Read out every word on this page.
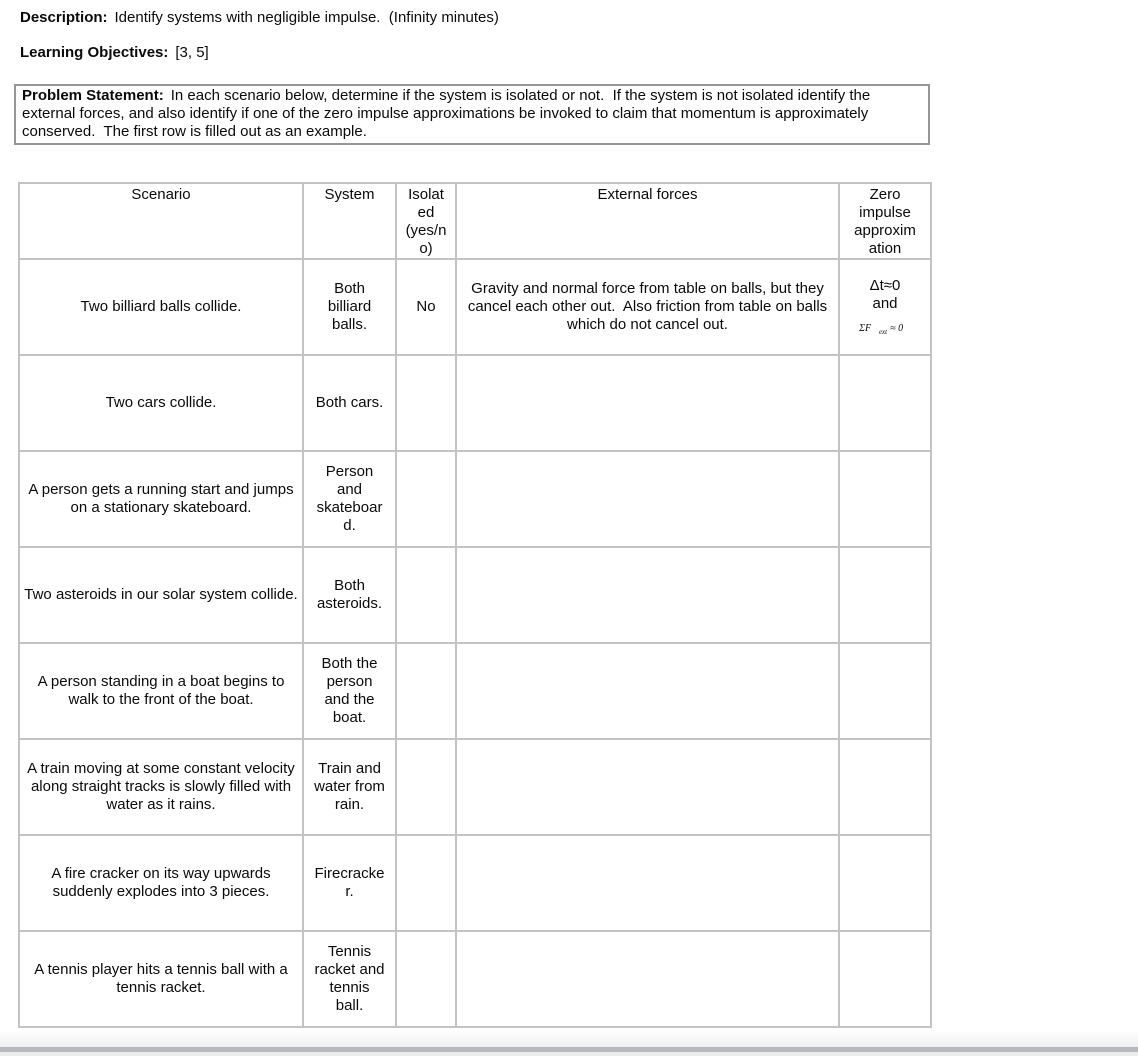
Description: Identify systems with negligible impulse.  (Infinity minutes)

Learning Objectives: [3, 5]

Problem Statement: In each scenario below, determine if the system is isolated or not.  If the system is not isolated identify the external forces, and also identify if one of the zero impulse approximations be invoked to claim that momentum is approximately conserved.  The first row is filled out as an example.
Scenario	System	Isolated (yes/no)	External forces	Zero impulse approximation
Two billiard balls collide.	Both billiard balls.	No	Gravity and normal force from table on balls, but they cancel each other out.  Also friction from table on balls which do not cancel out.	Δt≈0
and
$\Sigma F⃗_{ext}$ ≈ 0⃗

Two cars collide.	Both cars.			
A person gets a running start and jumps on a stationary skateboard.	Person and skateboard.			
Two asteroids in our solar system collide.	Both asteroids.			
A person standing in a boat begins to walk to the front of the boat.	Both the person and the boat.			
A train moving at some constant velocity along straight tracks is slowly filled with water as it rains.	Train and water from rain.			
A fire cracker on its way upwards suddenly explodes into 3 pieces.	Firecracker.			
A tennis player hits a tennis ball with a tennis racket.	Tennis racket and tennis ball.			
